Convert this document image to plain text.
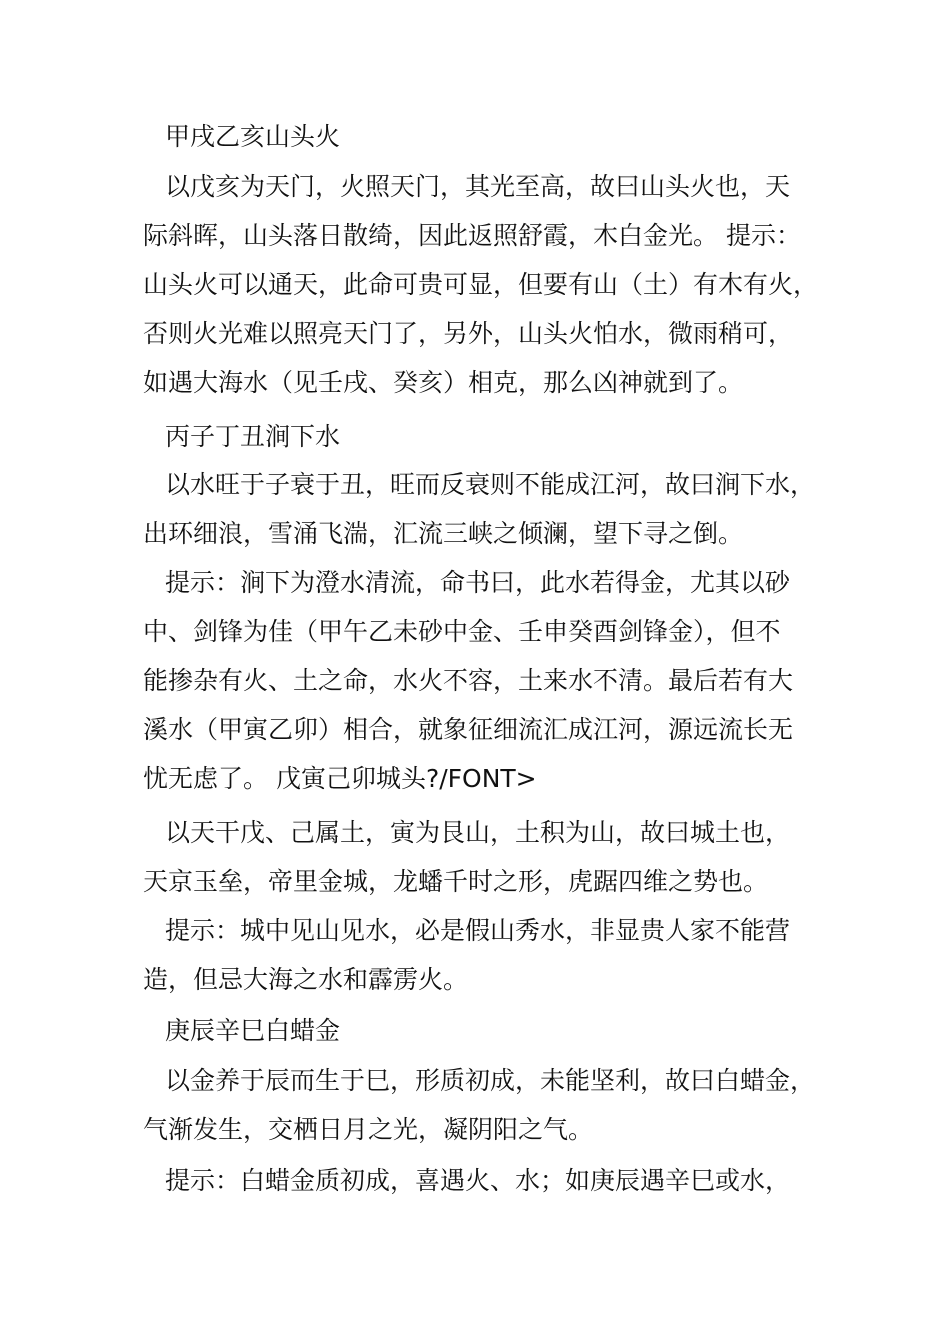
甲戌乙亥山头火

以戊亥为天门，火照天门，其光至高，故曰山头火也，天
际斜晖，山头落日散绮，因此返照舒霞，木白金光。 提示：
山头火可以通天，此命可贵可显，但要有山（土）有木有火，
否则火光难以照亮天门了，另外，山头火怕水，微雨稍可，
如遇大海水（见壬戌、癸亥）相克，那么凶神就到了。

丙子丁丑涧下水

以水旺于子衰于丑，旺而反衰则不能成江河，故曰涧下水，
出环细浪，雪涌飞湍，汇流三峡之倾澜，望下寻之倒。

提示：涧下为澄水清流，命书曰，此水若得金，尤其以砂
中、剑锋为佳（甲午乙未砂中金、壬申癸酉剑锋金），但不
能掺杂有火、土之命，水火不容，土来水不清。最后若有大
溪水（甲寅乙卯）相合，就象征细流汇成江河，源远流长无
忧无虑了。 戊寅己卯城头?/FONT>

以天干戊、己属土，寅为艮山，土积为山，故曰城土也，
天京玉垒，帝里金城，龙蟠千时之形，虎踞四维之势也。

提示：城中见山见水，必是假山秀水，非显贵人家不能营
造，但忌大海之水和霹雳火。

庚辰辛巳白蜡金

以金养于辰而生于巳，形质初成，未能坚利，故曰白蜡金，
气渐发生，交栖日月之光，凝阴阳之气。

提示：白蜡金质初成，喜遇火、水；如庚辰遇辛巳或水，
